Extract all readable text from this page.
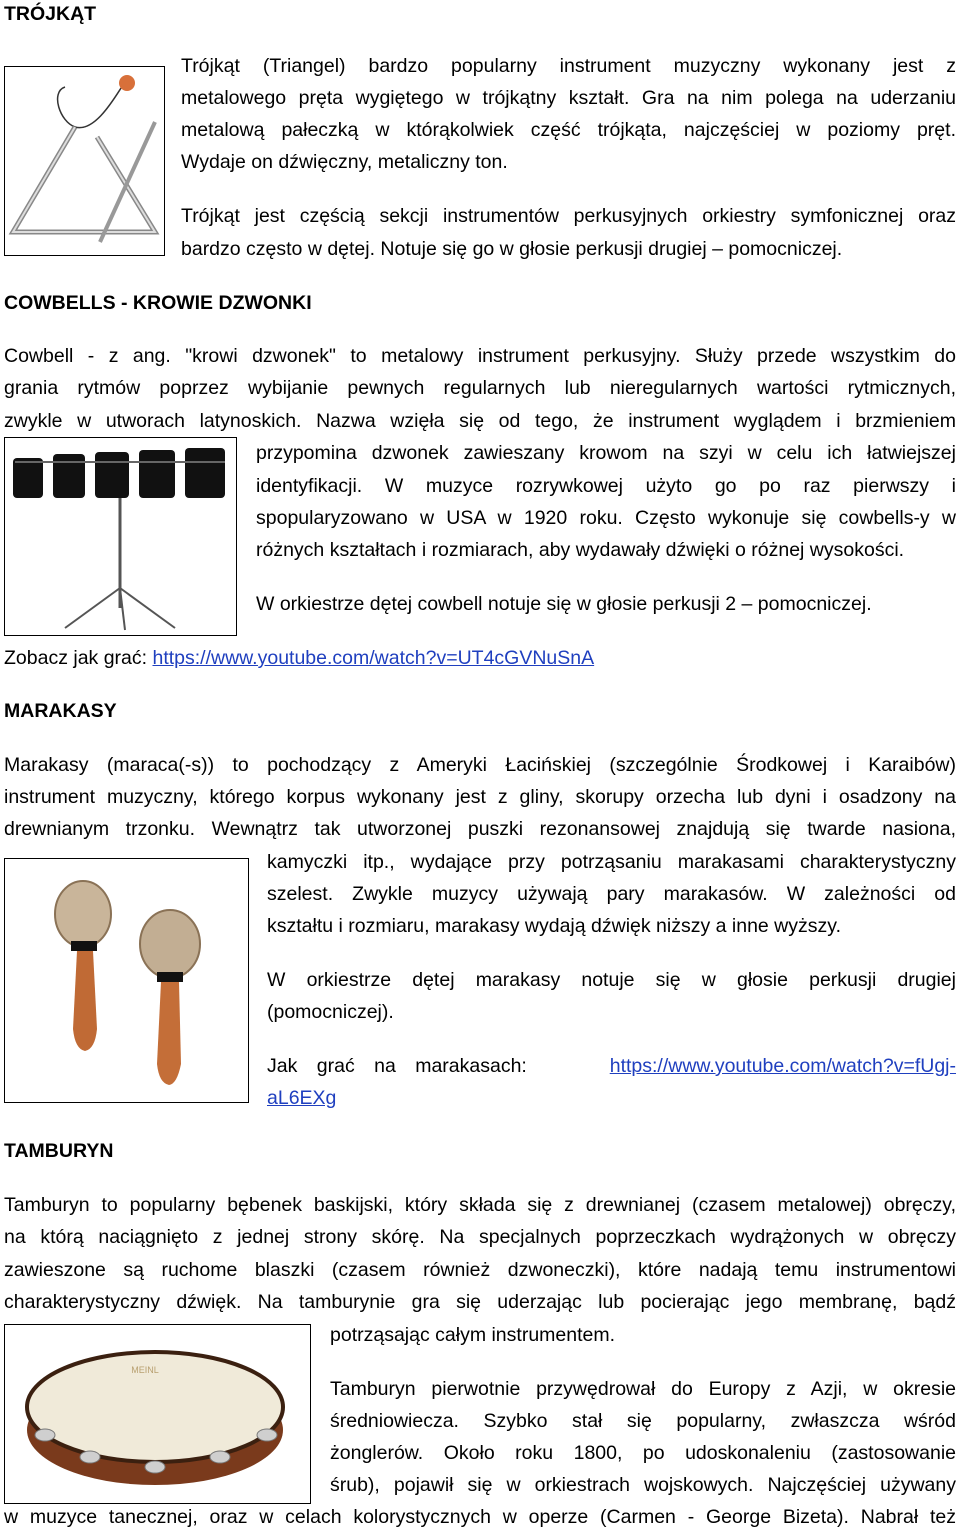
TRÓJKĄT
Trójkąt (Triangel) bardzo popularny instrument muzyczny wykonany jest z
metalowego pręta wygiętego w trójkątny kształt. Gra na nim polega na uderzaniu
metalową pałeczką w którąkolwiek część trójkąta, najczęściej w poziomy pręt.
Wydaje on dźwięczny, metaliczny ton.
Trójkąt jest częścią sekcji instrumentów perkusyjnych orkiestry symfonicznej oraz
bardzo często w dętej. Notuje się go w głosie perkusji drugiej – pomocniczej.
COWBELLS - KROWIE DZWONKI
Cowbell - z ang. "krowi dzwonek" to metalowy instrument perkusyjny. Służy przede wszystkim do
grania rytmów poprzez wybijanie pewnych regularnych lub nieregularnych wartości rytmicznych,
zwykle w utworach latynoskich. Nazwa wzięła się od tego, że instrument wyglądem i brzmieniem
przypomina dzwonek zawieszany krowom na szyi w celu ich łatwiejszej
identyfikacji. W muzyce rozrywkowej użyto go po raz pierwszy i
spopularyzowano w USA w 1920 roku. Często wykonuje się cowbells-y w
różnych kształtach i rozmiarach, aby wydawały dźwięki o różnej wysokości.
W orkiestrze dętej cowbell notuje się w głosie perkusji 2 – pomocniczej.
Zobacz jak grać: https://www.youtube.com/watch?v=UT4cGVNuSnA
MARAKASY
Marakasy (maraca(-s)) to pochodzący z Ameryki Łacińskiej (szczególnie Środkowej i Karaibów)
instrument muzyczny, którego korpus wykonany jest z gliny, skorupy orzecha lub dyni i osadzony na
drewnianym trzonku. Wewnątrz tak utworzonej puszki rezonansowej znajdują się twarde nasiona,
kamyczki itp., wydające przy potrząsaniu marakasami charakterystyczny
szelest. Zwykle muzycy używają pary marakasów. W zależności od
kształtu i rozmiaru, marakasy wydają dźwięk niższy a inne wyższy.
W orkiestrze dętej marakasy notuje się w głosie perkusji drugiej
(pomocniczej).
Jak grać na marakasach:	https://www.youtube.com/watch?v=fUgj-
aL6EXg
TAMBURYN
Tamburyn to popularny bębenek baskijski, który składa się z drewnianej (czasem metalowej) obręczy,
na którą naciągnięto z jednej strony skórę. Na specjalnych poprzeczkach wydrążonych w obręczy
zawieszone są ruchome blaszki (czasem również dzwoneczki), które nadają temu instrumentowi
charakterystyczny dźwięk. Na tamburynie gra się uderzając lub pocierając jego membranę, bądź
potrząsając całym instrumentem.
MEINL
Tamburyn pierwotnie przywędrował do Europy z Azji, w okresie
średniowiecza. Szybko stał się popularny, zwłaszcza wśród
żonglerów. Około roku 1800, po udoskonaleniu (zastosowanie
śrub), pojawił się w orkiestrach wojskowych. Najczęściej używany
w muzyce tanecznej, oraz w celach kolorystycznych w operze (Carmen - George Bizeta). Nabrał też
